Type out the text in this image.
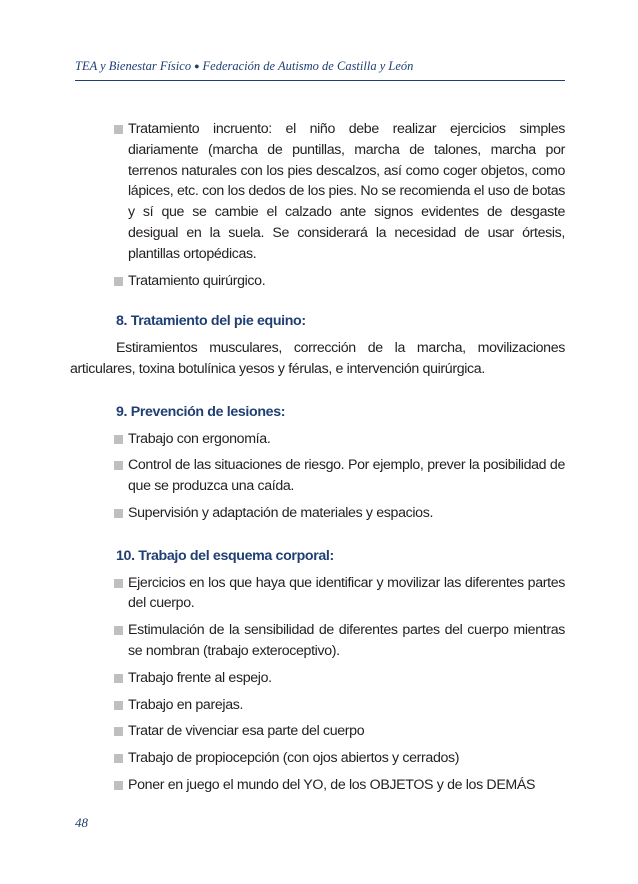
TEA y Bienestar Físico ● Federación de Autismo de Castilla y León
Tratamiento incruento: el niño debe realizar ejercicios simples diariamente (marcha de puntillas, marcha de talones, marcha por terrenos naturales con los pies descalzos, así como coger objetos, como lápices, etc. con los dedos de los pies. No se recomienda el uso de botas y sí que se cambie el calzado ante signos evidentes de desgaste desigual en la suela. Se considerará la necesidad de usar órtesis, plantillas ortopédicas.
Tratamiento quirúrgico.
8. Tratamiento del pie equino:
Estiramientos musculares, corrección de la marcha, movilizaciones articulares, toxina botulínica yesos y férulas, e intervención quirúrgica.
9. Prevención de lesiones:
Trabajo con ergonomía.
Control de las situaciones de riesgo. Por ejemplo, prever la posibilidad de que se produzca una caída.
Supervisión y adaptación de materiales y espacios.
10. Trabajo del esquema corporal:
Ejercicios en los que haya que identificar y movilizar las diferentes partes del cuerpo.
Estimulación de la sensibilidad de diferentes partes del cuerpo mientras se nombran (trabajo exteroceptivo).
Trabajo frente al espejo.
Trabajo en parejas.
Tratar de vivenciar esa parte del cuerpo
Trabajo de propiocepción (con ojos abiertos y cerrados)
Poner en juego el mundo del YO, de los OBJETOS y de los DEMÁS
48
